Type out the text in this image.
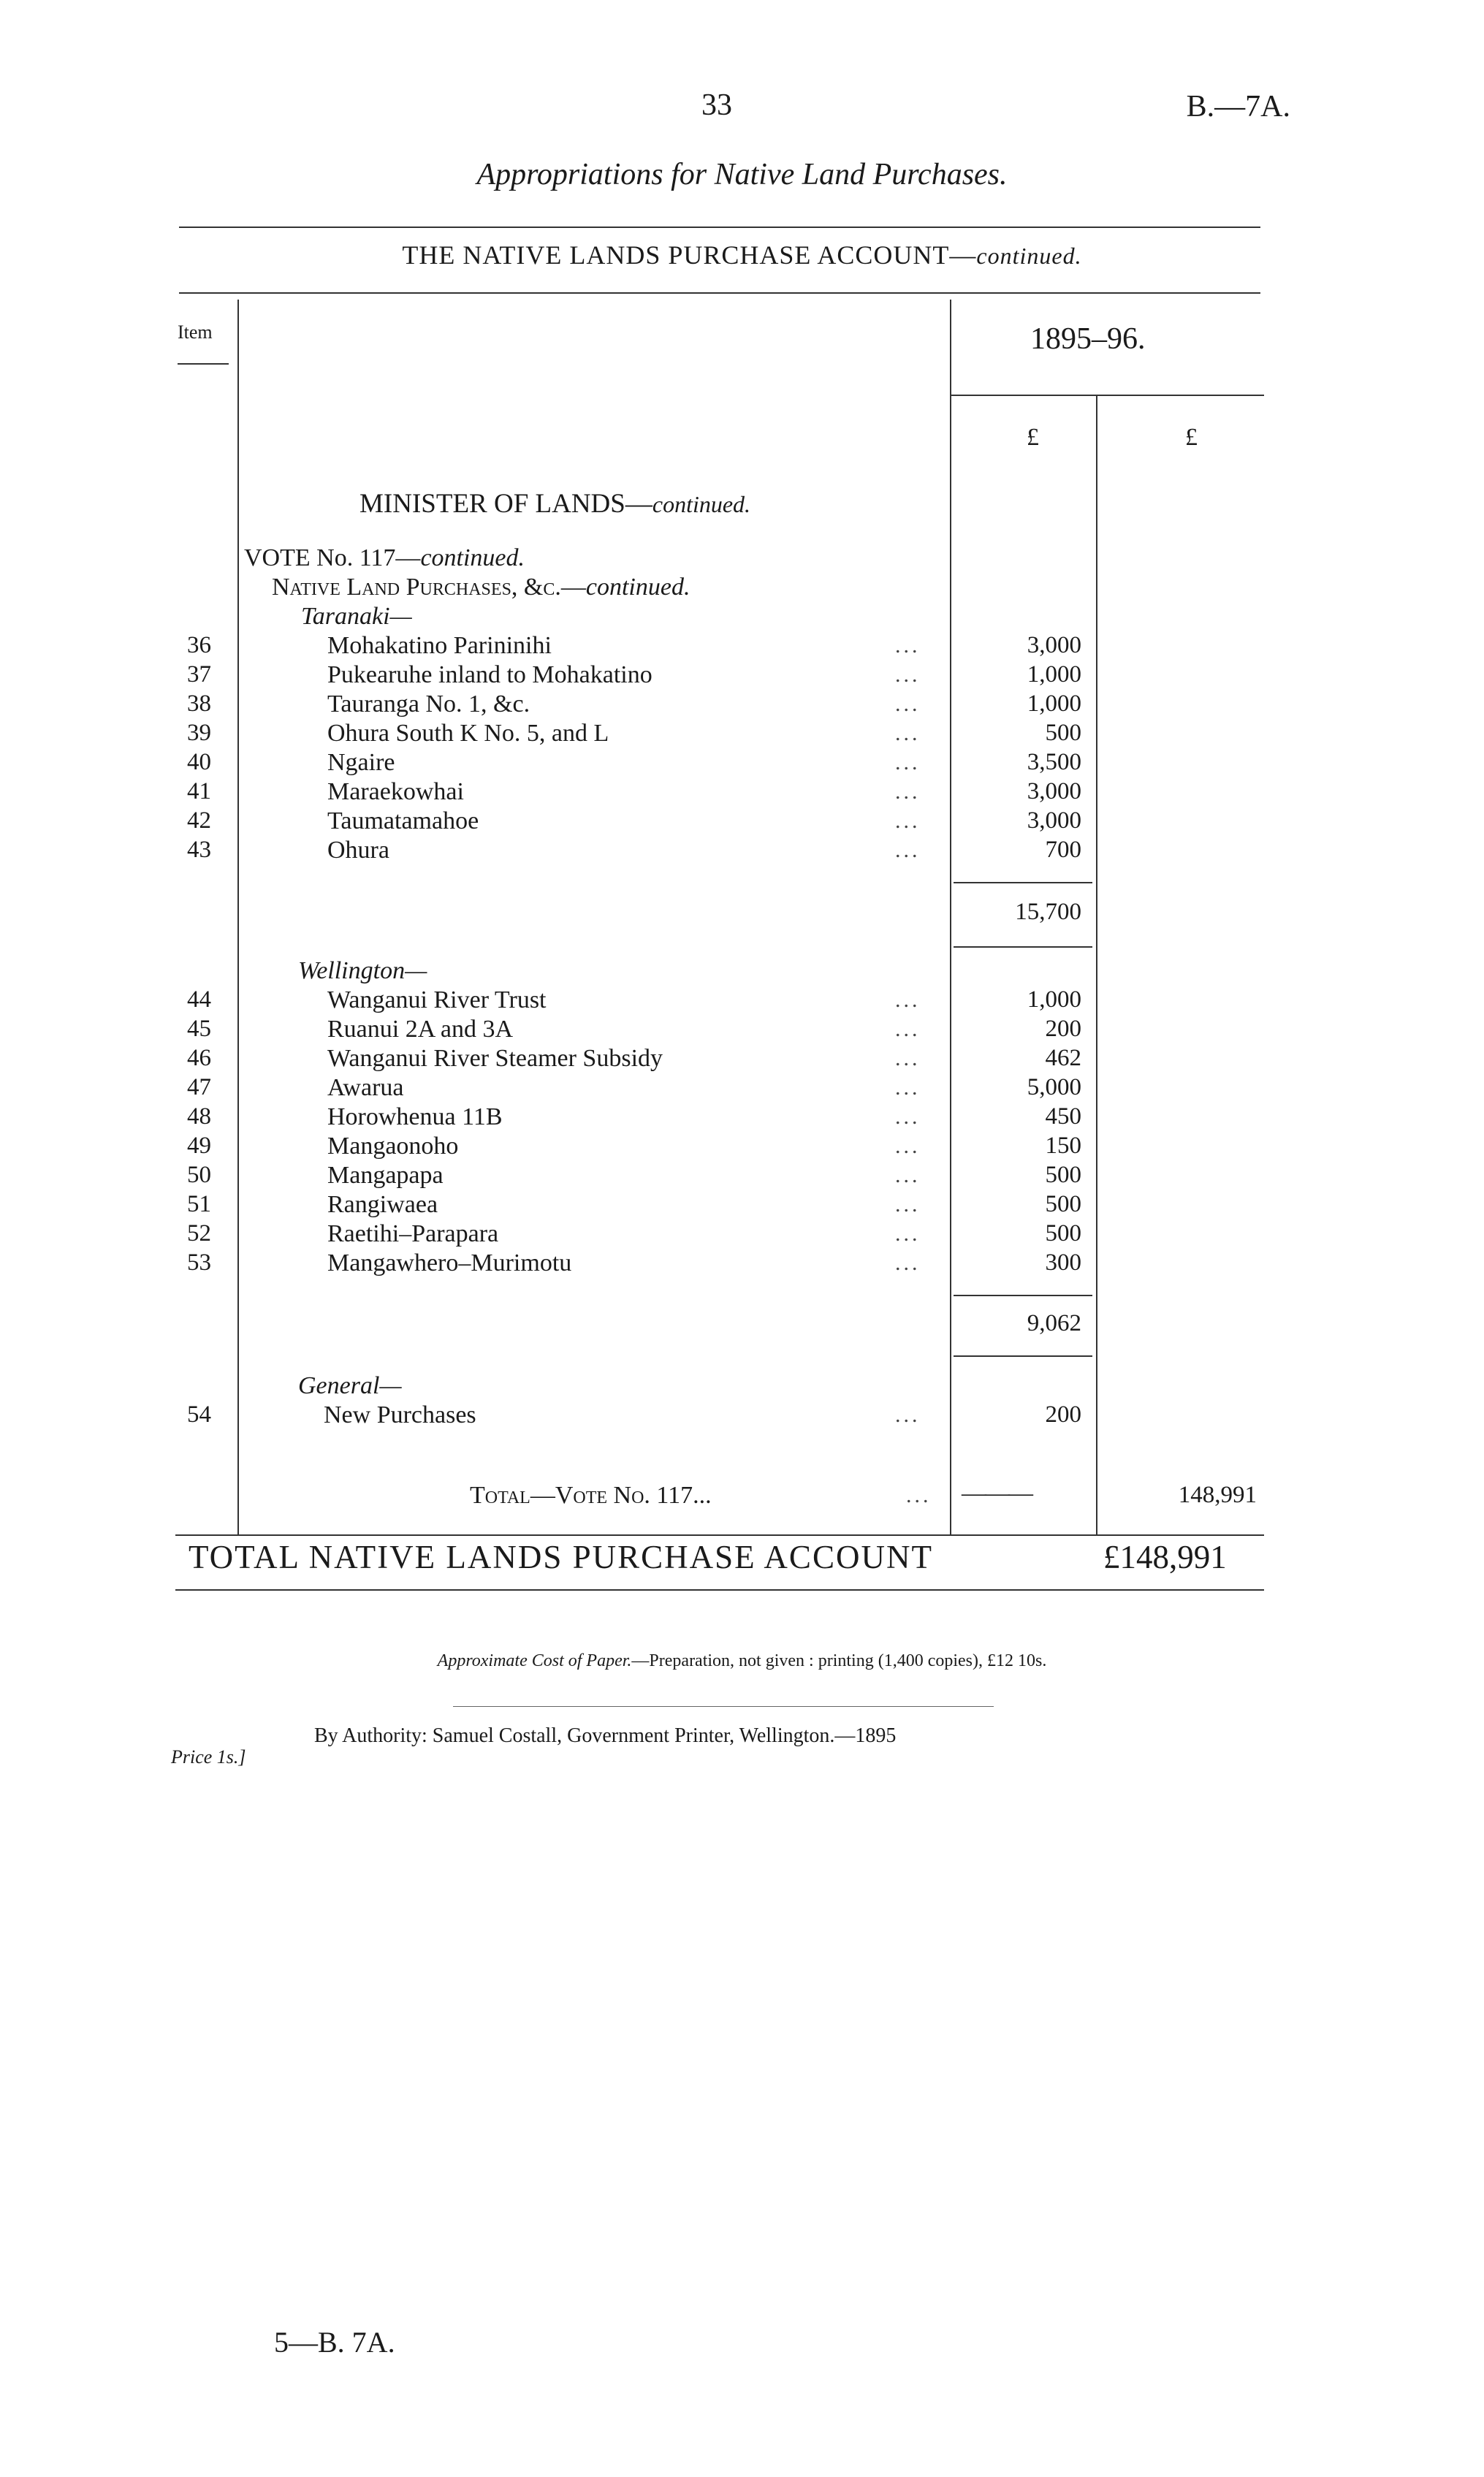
33	B.—7A.
Appropriations for Native Land Purchases.
THE NATIVE LANDS PURCHASE ACCOUNT—continued.
Item	1895–96.
£	£
MINISTER OF LANDS—continued.
VOTE No. 117—continued.
Native Land Purchases, &c.—continued.
Taranaki—
36	Mohakatino Parininihi	...	3,000
37	Pukearuhe inland to Mohakatino	...	1,000
38	Tauranga No. 1, &c.	...	1,000
39	Ohura South K No. 5, and L	...	500
40	Ngaire	...	3,500
41	Maraekowhai	...	3,000
42	Taumatamahoe	...	3,000
43	Ohura	...	700
15,700
Wellington—
44	Wanganui River Trust	...	1,000
45	Ruanui 2A and 3A	...	200
46	Wanganui River Steamer Subsidy	...	462
47	Awarua	...	5,000
48	Horowhenua 11B	...	450
49	Mangaonoho	...	150
50	Mangapapa	...	500
51	Rangiwaea	...	500
52	Raetihi–Parapara	...	500
53	Mangawhero–Murimotu	...	300
9,062
General—
54	New Purchases	...	200
Total—Vote No. 117...	... ———	148,991
TOTAL NATIVE LANDS PURCHASE ACCOUNT	£148,991
Approximate Cost of Paper.—Preparation, not given : printing (1,400 copies), £12 10s.
By Authority: Samuel Costall, Government Printer, Wellington.—1895
Price 1s.]
5—B. 7A.
